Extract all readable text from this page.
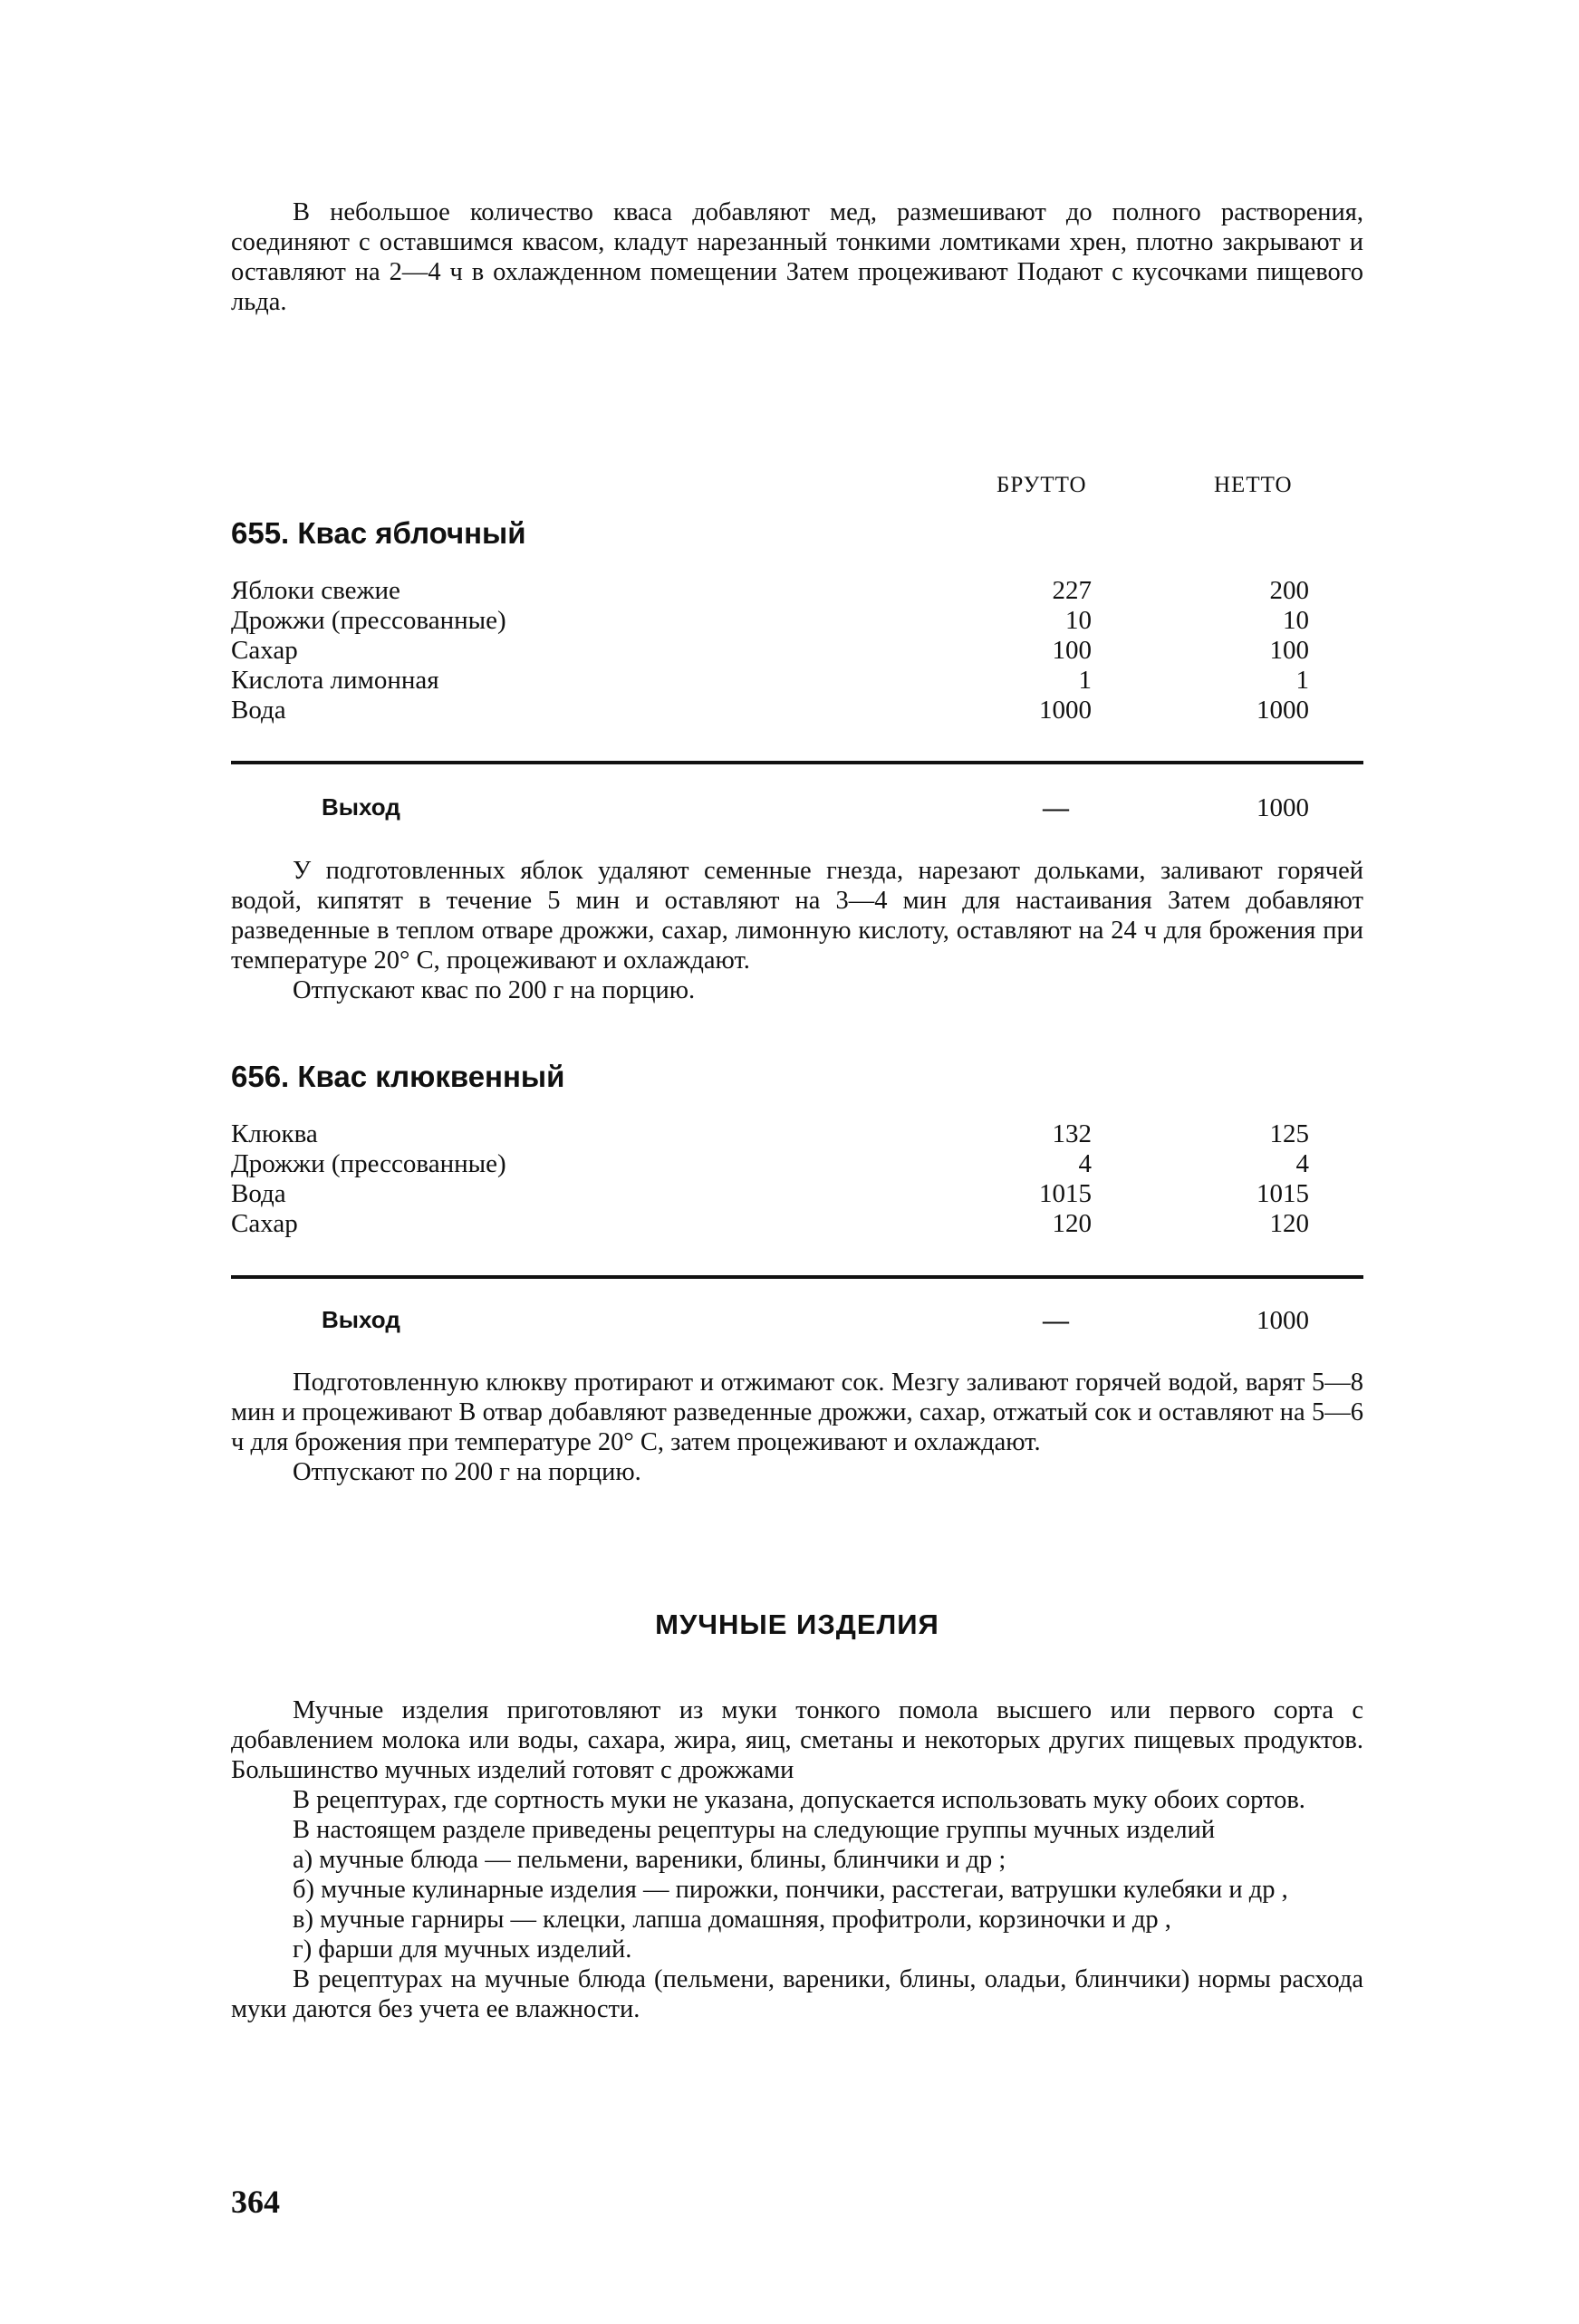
В небольшое количество кваса добавляют мед, размешивают до полного растворения, соединяют с оставшимся квасом, кладут нарезанный тонкими ломтиками хрен, плотно закрывают и оставляют на 2—4 ч в охлажденном помещении Затем процеживают Подают с кусочками пищевого льда.

БРУТТО	НЕТТО
655. Квас яблочный
Яблоки свежие	227	200
Дрожжи (прессованные)	10	10
Сахар	100	100
Кислота лимонная	1	1
Вода	1000	1000
Выход	—	1000

У подготовленных яблок удаляют семенные гнезда, нарезают дольками, заливают горячей водой, кипятят в течение 5 мин и оставляют на 3—4 мин для настаивания Затем добавляют разведенные в теплом отваре дрожжи, сахар, лимонную кислоту, оставляют на 24 ч для брожения при температуре 20° С, процеживают и охлаждают.

Отпускают квас по 200 г на порцию.

656. Квас клюквенный
Клюква	132	125
Дрожжи (прессованные)	4	4
Вода	1015	1015
Сахар	120	120
Выход	—	1000

Подготовленную клюкву протирают и отжимают сок. Мезгу заливают горячей водой, варят 5—8 мин и процеживают В отвар добавляют разведенные дрожжи, сахар, отжатый сок и оставляют на 5—6 ч для брожения при температуре 20° С, затем процеживают и охлаждают.

Отпускают по 200 г на порцию.

МУЧНЫЕ ИЗДЕЛИЯ

Мучные изделия приготовляют из муки тонкого помола высшего или первого сорта с добавлением молока или воды, сахара, жира, яиц, сметаны и некоторых других пищевых продуктов. Большинство мучных изделий готовят с дрожжами

В рецептурах, где сортность муки не указана, допускается использовать муку обоих сортов.

В настоящем разделе приведены рецептуры на следующие группы мучных изделий

а) мучные блюда — пельмени, вареники, блины, блинчики и др ;

б) мучные кулинарные изделия — пирожки, пончики, расстегаи, ватрушки кулебяки и др ,

в) мучные гарниры — клецки, лапша домашняя, профитроли, корзиночки и др ,

г) фарши для мучных изделий.

В рецептурах на мучные блюда (пельмени, вареники, блины, оладьи, блинчики) нормы расхода муки даются без учета ее влажности.

364
